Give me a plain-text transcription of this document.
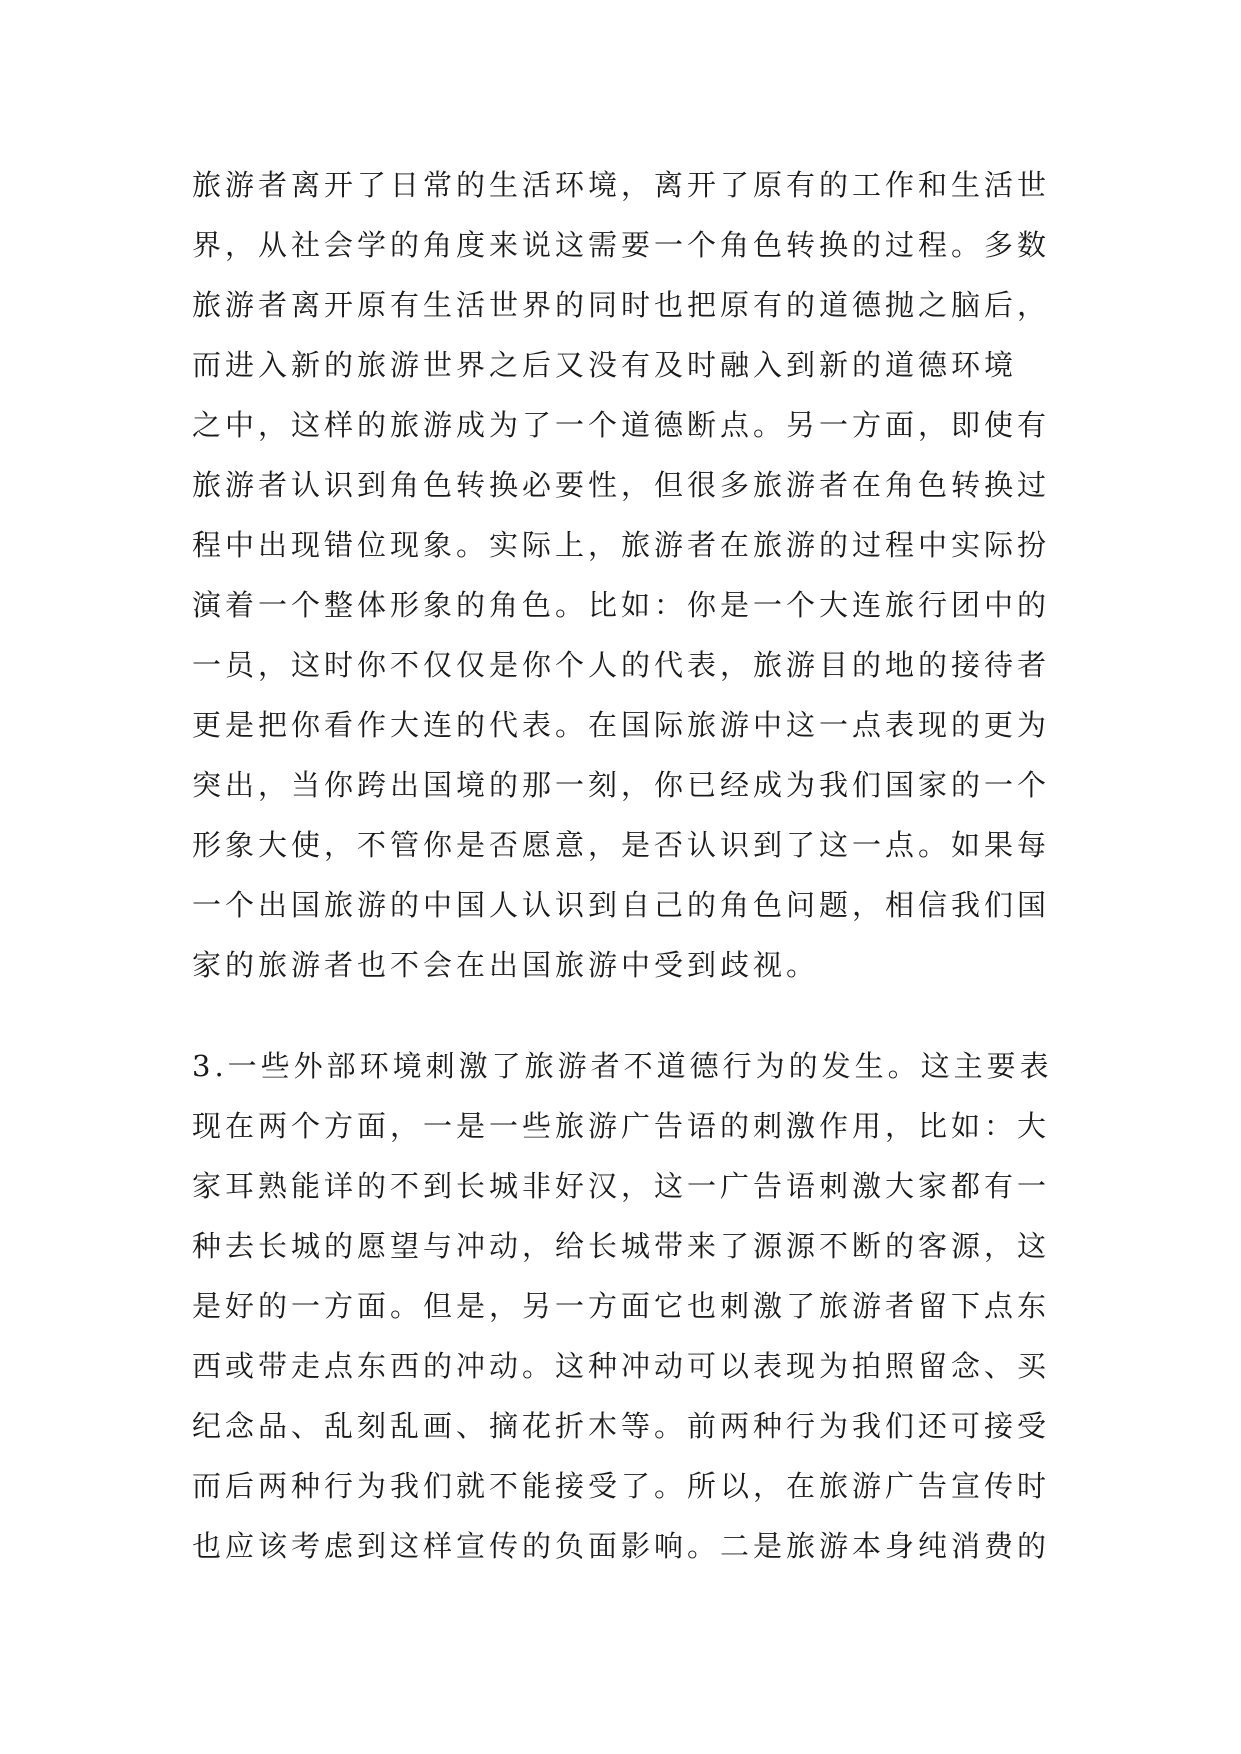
旅游者离开了日常的生活环境，离开了原有的工作和生活世
界，从社会学的角度来说这需要一个角色转换的过程。多数
旅游者离开原有生活世界的同时也把原有的道德抛之脑后，
而进入新的旅游世界之后又没有及时融入到新的道德环境
之中，这样的旅游成为了一个道德断点。另一方面，即使有
旅游者认识到角色转换必要性，但很多旅游者在角色转换过
程中出现错位现象。实际上，旅游者在旅游的过程中实际扮
演着一个整体形象的角色。比如：你是一个大连旅行团中的
一员，这时你不仅仅是你个人的代表，旅游目的地的接待者
更是把你看作大连的代表。在国际旅游中这一点表现的更为
突出，当你跨出国境的那一刻，你已经成为我们国家的一个
形象大使，不管你是否愿意，是否认识到了这一点。如果每
一个出国旅游的中国人认识到自己的角色问题，相信我们国
家的旅游者也不会在出国旅游中受到歧视。
3.一些外部环境刺激了旅游者不道德行为的发生。这主要表
现在两个方面，一是一些旅游广告语的刺激作用，比如：大
家耳熟能详的不到长城非好汉，这一广告语刺激大家都有一
种去长城的愿望与冲动，给长城带来了源源不断的客源，这
是好的一方面。但是，另一方面它也刺激了旅游者留下点东
西或带走点东西的冲动。这种冲动可以表现为拍照留念、买
纪念品、乱刻乱画、摘花折木等。前两种行为我们还可接受
而后两种行为我们就不能接受了。所以，在旅游广告宣传时
也应该考虑到这样宣传的负面影响。二是旅游本身纯消费的
